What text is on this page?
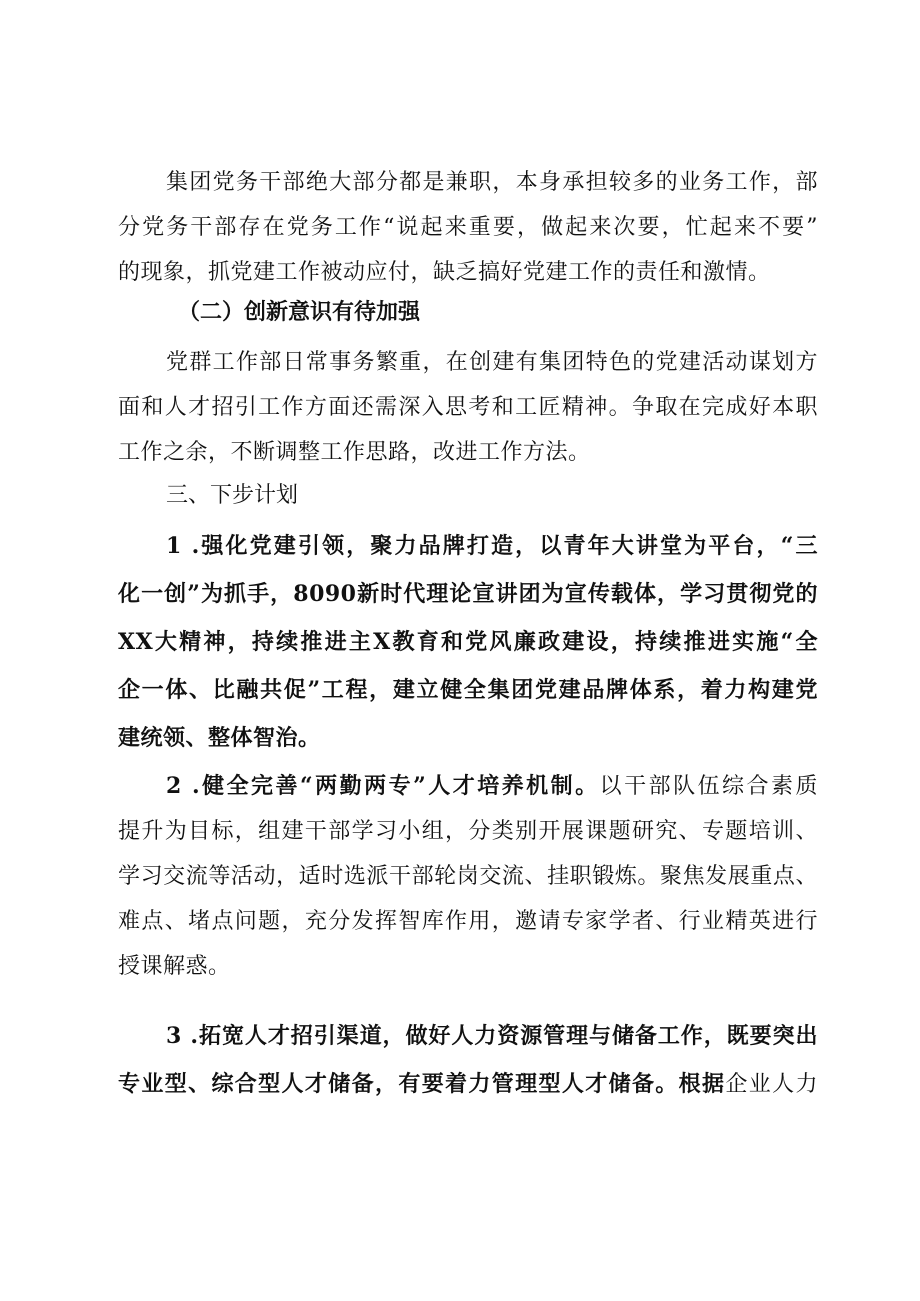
集团党务干部绝大部分都是兼职，本身承担较多的业务工作，部
分党务干部存在党务工作“说起来重要，做起来次要，忙起来不要”
的现象，抓党建工作被动应付，缺乏搞好党建工作的责任和激情。

（二）创新意识有待加强

党群工作部日常事务繁重，在创建有集团特色的党建活动谋划方
面和人才招引工作方面还需深入思考和工匠精神。争取在完成好本职
工作之余，不断调整工作思路，改进工作方法。

三、下步计划

1 .强化党建引领，聚力品牌打造，以青年大讲堂为平台，“三
化一创”为抓手，8090新时代理论宣讲团为宣传载体，学习贯彻党的
XX大精神，持续推进主X教育和党风廉政建设，持续推进实施“全
企一体、比融共促”工程，建立健全集团党建品牌体系，着力构建党
建统领、整体智治。

2 .健全完善“两勤两专”人才培养机制。以干部队伍综合素质
提升为目标，组建干部学习小组，分类别开展课题研究、专题培训、
学习交流等活动，适时选派干部轮岗交流、挂职锻炼。聚焦发展重点、
难点、堵点问题，充分发挥智库作用，邀请专家学者、行业精英进行
授课解惑。

3 .拓宽人才招引渠道，做好人力资源管理与储备工作，既要突出
专业型、综合型人才储备，有要着力管理型人才储备。根据企业人力
